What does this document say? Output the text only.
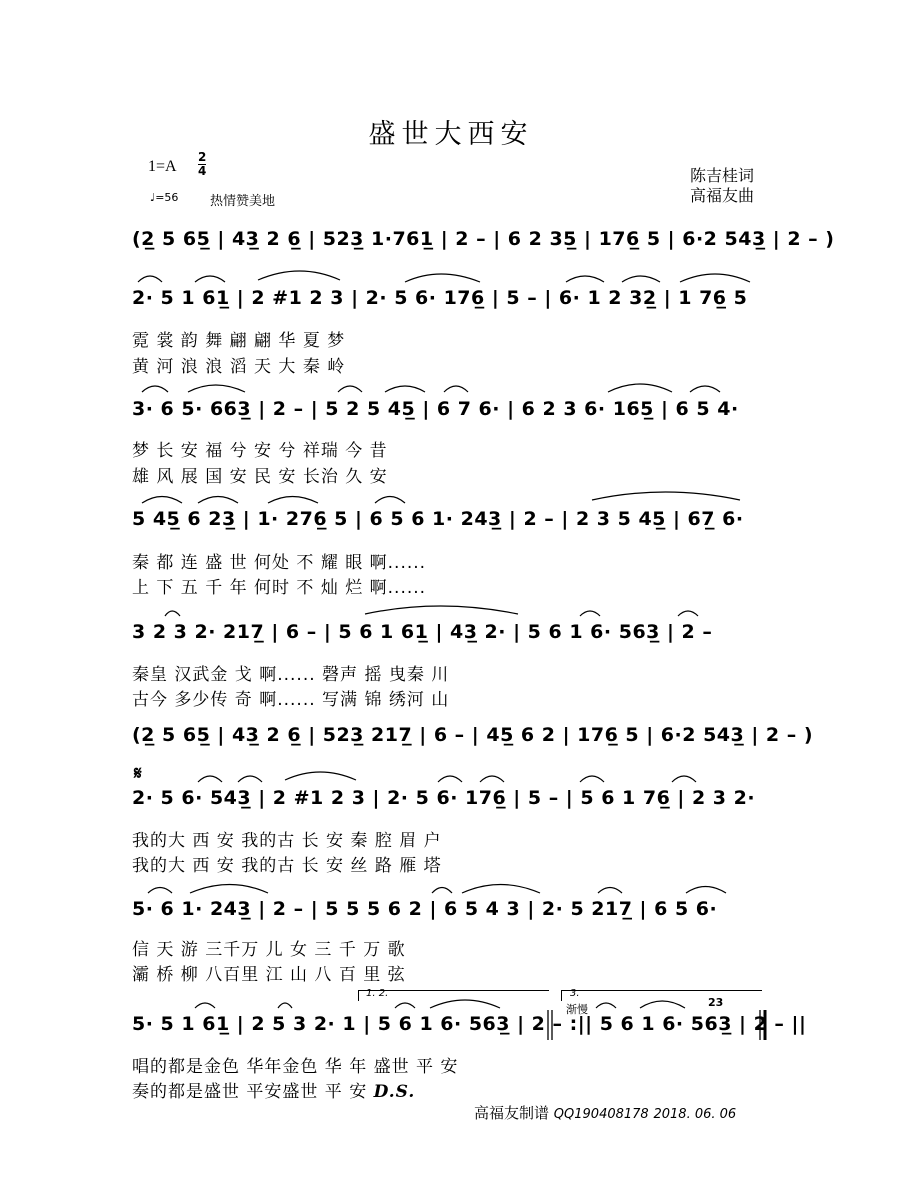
盛世大西安
$1=A \frac{2}{4}$
♩=56 热情赞美地
陈吉桂词
高福友曲
(2̲ 5 65̲ | 43̲ 2 6̲ | 523̲ 1·761̲ | 2 – | 6 2 35̲ | 176̲ 5 | 6·2 543̲ | 2 – )
2· 5 1 61̲ | 2 #1 2 3 | 2· 5 6· 176̲ | 5 – | 6· 1 2 32̲ | 1 76̲ 5
霓 裳 韵 舞 翩 翩 华 夏 梦
黄 河 浪 浪 滔 天 大 秦 岭
3· 6 5· 663̲ | 2 – | 5 2 5 45̲ | 6 7 6· | 6 2 3 6· 165̲ | 6 5 4·
梦 长 安 福 兮 安 兮 祥瑞 今 昔
雄 风 展 国 安 民 安 长治 久 安
5 45̲ 6 23̲ | 1· 276̲ 5 | 6 5 6 1· 243̲ | 2 – | 2 3 5 45̲ | 67̲ 6·
秦 都 连 盛 世 何处 不 耀 眼 啊......
上 下 五 千 年 何时 不 灿 烂 啊......
3 2 3 2· 217̲ | 6 – | 5 6 1 61̲ | 43̲ 2· | 5 6 1 6· 563̲ | 2 –
秦皇 汉武金 戈 啊...... 磬声 摇 曳秦 川
古今 多少传 奇 啊...... 写满 锦 绣河 山
(2̲ 5 65̲ | 43̲ 2 6̲ | 523̲ 217̲ | 6 – | 45̲ 6 2 | 176̲ 5 | 6·2 543̲ | 2 – )
𝄋
2· 5 6· 543̲ | 2 #1 2 3 | 2· 5 6· 176̲ | 5 – | 5 6 1 76̲ | 2 3 2·
我的大 西 安 我的古 长 安 秦 腔 眉 户
我的大 西 安 我的古 长 安 丝 路 雁 塔
5· 6 1· 243̲ | 2 – | 5 5 5 6 2 | 6 5 4 3 | 2· 5 217̲ | 6 5 6·
信 天 游 三千万 儿 女 三 千 万 歌
灞 桥 柳 八百里 江 山 八 百 里 弦
1. 2.	3.
渐慢
23
5· 5 1 61̲ | 2 5 3 2· 1 | 5 6 1 6· 563̲ | 2 – :|| 5 6 1 6· 563̲ | 2 – ||
唱的都是金色 华年金色 华 年 盛世 平 安
奏的都是盛世 平安盛世 平 安 D.S.
高福友制谱 QQ190408178 2018. 06. 06
